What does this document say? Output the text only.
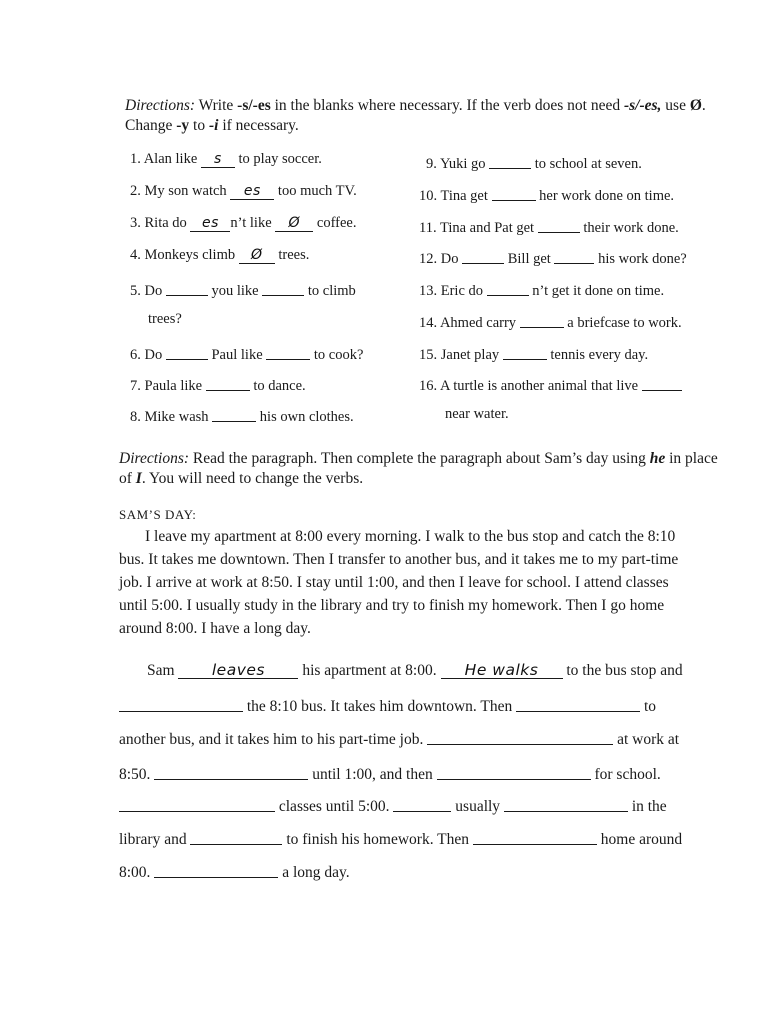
Directions: Write -s/-es in the blanks where necessary. If the verb does not need -s/-es, use Ø.
Change -y to -i if necessary.
1. Alan like s to play soccer.
2. My son watch es too much TV.
3. Rita do es n’t like Ø coffee.
4. Monkeys climb Ø trees.
5. Do	you like	to climb
trees?
6. Do	Paul like	to cook?
7. Paula like	to dance.
8. Mike wash	his own clothes.
9. Yuki go	to school at seven.
10. Tina get	her work done on time.
11. Tina and Pat get	their work done.
12. Do	Bill get	his work done?
13. Eric do	n’t get it done on time.
14. Ahmed carry	a briefcase to work.
15. Janet play	tennis every day.
16. A turtle is another animal that live
near water.
Directions: Read the paragraph. Then complete the paragraph about Sam’s day using he in place
of I. You will need to change the verbs.
SAM’S DAY:
I leave my apartment at 8:00 every morning. I walk to the bus stop and catch the 8:10
bus. It takes me downtown. Then I transfer to another bus, and it takes me to my part-time
job. I arrive at work at 8:50. I stay until 1:00, and then I leave for school. I attend classes
until 5:00. I usually study in the library and try to finish my homework. Then I go home
around 8:00. I have a long day.
Sam leaves his apartment at 8:00. He walks to the bus stop and
the 8:10 bus. It takes him downtown. Then	to
another bus, and it takes him to his part-time job.	at work at
8:50.	until 1:00, and then	for school.
classes until 5:00.	usually	in the
library and	to finish his homework. Then	home around
8:00.	a long day.
